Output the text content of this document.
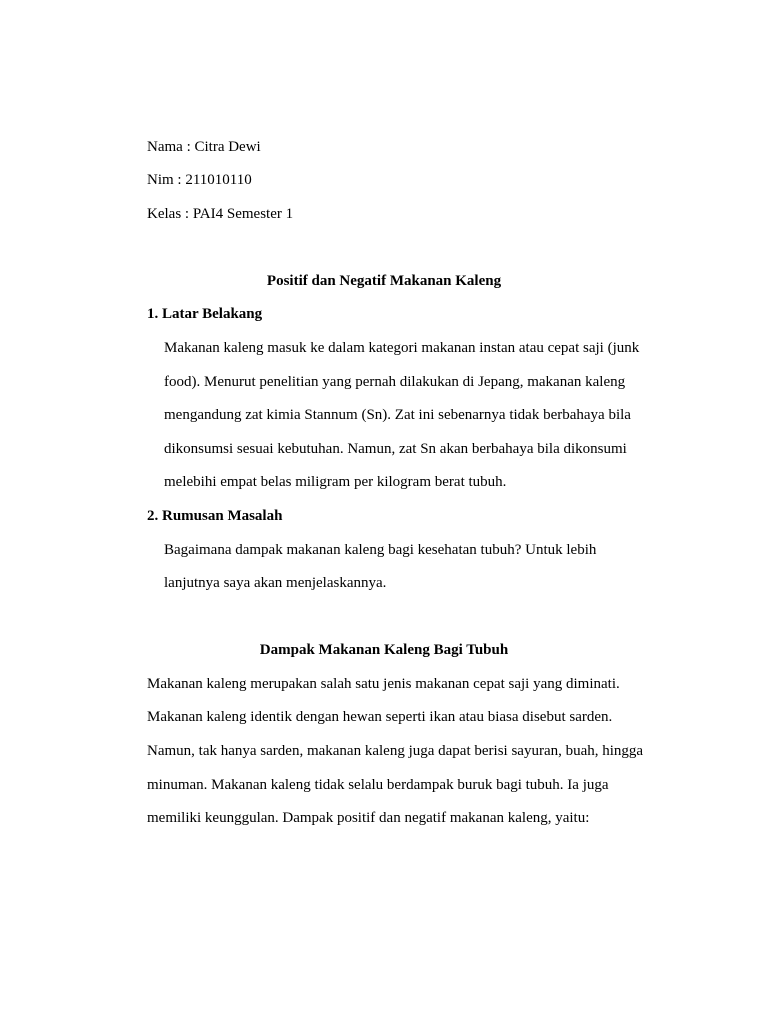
Nama : Citra Dewi
Nim : 211010110
Kelas : PAI4 Semester 1
Positif dan Negatif Makanan Kaleng
1. Latar Belakang
Makanan kaleng masuk ke dalam kategori makanan instan atau cepat saji (junk
food). Menurut penelitian yang pernah dilakukan di Jepang, makanan kaleng
mengandung zat kimia Stannum (Sn). Zat ini sebenarnya tidak berbahaya bila
dikonsumsi sesuai kebutuhan. Namun, zat Sn akan berbahaya bila dikonsumi
melebihi empat belas miligram per kilogram berat tubuh.
2. Rumusan Masalah
Bagaimana dampak makanan kaleng bagi kesehatan tubuh? Untuk lebih
lanjutnya saya akan menjelaskannya.
Dampak Makanan Kaleng Bagi Tubuh
Makanan kaleng merupakan salah satu jenis makanan cepat saji yang diminati.
Makanan kaleng identik dengan hewan seperti ikan atau biasa disebut sarden.
Namun, tak hanya sarden, makanan kaleng juga dapat berisi sayuran, buah, hingga
minuman. Makanan kaleng tidak selalu berdampak buruk bagi tubuh. Ia juga
memiliki keunggulan. Dampak positif dan negatif makanan kaleng, yaitu:
